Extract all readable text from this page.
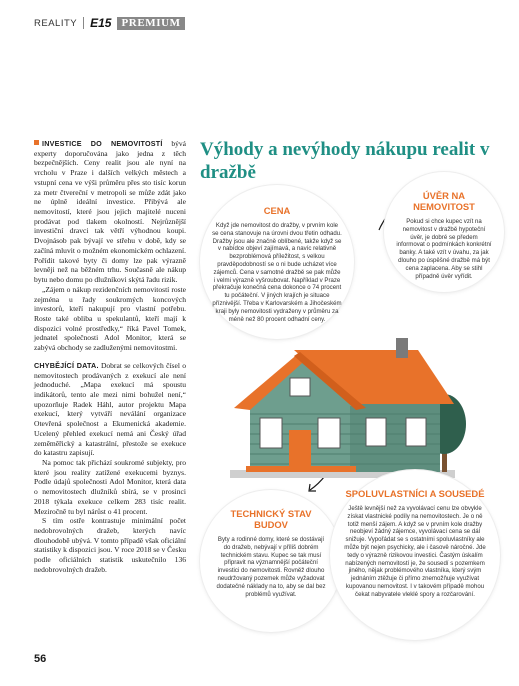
REALITY E15 PREMIUM

INVESTICE DO NEMOVITOSTÍ bývá experty doporučována jako jedna z těch bezpečnějších. Ceny realit jsou ale nyní na vrcholu v Praze i dalších velkých městech a vstupní cena ve výši průměru přes sto tisíc korun za metr čtvereční v metropoli se může zdát jako ne úplně ideální investice. Přibývá ale nemovitostí, které jsou jejich majitelé nuceni prodávat pod tlakem okolností. Nejrůznější investiční dravci tak větří výhodnou koupi. Dvojnásob pak bývají ve střehu v době, kdy se začíná mluvit o možném ekonomickém ochlazení. Pořídit takové byty či domy lze pak výrazně levněji než na běžném trhu. Současně ale nákup bytu nebo domu po dlužníkovi skýtá řadu rizik.

„Zájem o nákup rezidenčních nemovitostí roste zejména u řady soukromých koncových investorů, kteří nakupují pro vlastní potřebu. Roste také obliba u spekulantů, kteří mají k dispozici volné prostředky,“ říká Pavel Tomek, jednatel společnosti Adol Monitor, která se zabývá obchody se zadluženými nemovitostmi.

CHYBĚJÍCÍ DATA. Dobrat se celkových čísel o nemovitostech prodávaných z exekucí ale není jednoduché. „Mapa exekucí má spoustu indikátorů, tento ale mezi nimi bohužel není,“ upozorňuje Radek Háhl, autor projektu Mapa exekucí, který vytváří neválání organizace Otevřená společnost a Ekumenická akademie. Ucelený přehled exekucí nemá ani Český úřad zeměměřický a katastrální, přestože se exekuce do katastru zapisují.

Na pomoc tak přichází soukromé subjekty, pro které jsou reality zatížené exekucemi byznys. Podle údajů společnosti Adol Monitor, která data o nemovitostech dlužníků sbírá, se v prosinci 2018 týkala exekuce celkem 283 tisíc realit. Meziročně tu byl nárůst o 41 procent.

S tím ostře kontrastuje minimální počet nedobrovolných dražeb, kterých navíc dlouhodobě ubývá. V tomto případě však oficiální statistiky k dispozici jsou. V roce 2018 se v Česku podle oficiálních statistik uskutečnilo 136 nedobrovolných dražeb.

56
Výhody a nevýhody nákupu realit v dražbě
CENA
Když jde nemovitost do dražby, v prvním kole se cena stanovuje na úrovni dvou třetin odhadu. Dražby jsou ale značně oblíbené, takže když se v nabídce objeví zajímavá, a navíc relativně bezproblémová příležitost, s velkou pravděpodobností se o ni bude ucházet více zájemců. Cena v samotné dražbě se pak může i velmi výrazně vyšroubovat. Například v Praze překračuje konečná cena dokonce o 74 procent tu počáteční. V jiných krajích je situace příznivější. Třeba v Karlovarském a Jihočeském kraji byly nemovitosti vydraženy v průměru za méně než 80 procent odhadní ceny.
ÚVĚR NA NEMOVITOST
Pokud si chce kupec vzít na nemovitost v dražbě hypoteční úvěr, je dobré se předem informovat o podmínkách konkrétní banky. A také vzít v úvahu, za jak dlouho po úspěšné dražbě má být cena zaplacena. Aby se stihl případně úvěr vyřídit.
TECHNICKÝ STAV BUDOV
Byty a rodinné domy, které se dostávají do dražeb, nebývají v příliš dobrém technickém stavu. Kupec se tak musí připravit na významnější počáteční investici do nemovitosti. Rovněž dlouho neudržovaný pozemek může vyžadovat dodatečné náklady na to, aby se dal bez problémů využívat.
SPOLUVLASTNÍCI A SOUSEDÉ
Ještě levnější než za vyvolávací cenu lze obvykle získat vlastnické podíly na nemovitostech. Je o ně totiž menší zájem. A když se v prvním kole dražby neobjeví žádný zájemce, vyvolávací cena se dál snižuje. Vypořádat se s ostatními spoluvlastníky ale může být nejen psychicky, ale i časově náročné. Jde tedy o výrazně rizikovou investici. Častým úskalím nabízených nemovitostí je, že sousedí s pozemkem jiného, nějak problémového vlastníka, který svým jednáním ztěžuje či přímo znemožňuje využívat kupovanou nemovitost. I v takovém případě mohou čekat nabyvatele vleklé spory a rozčarování.
